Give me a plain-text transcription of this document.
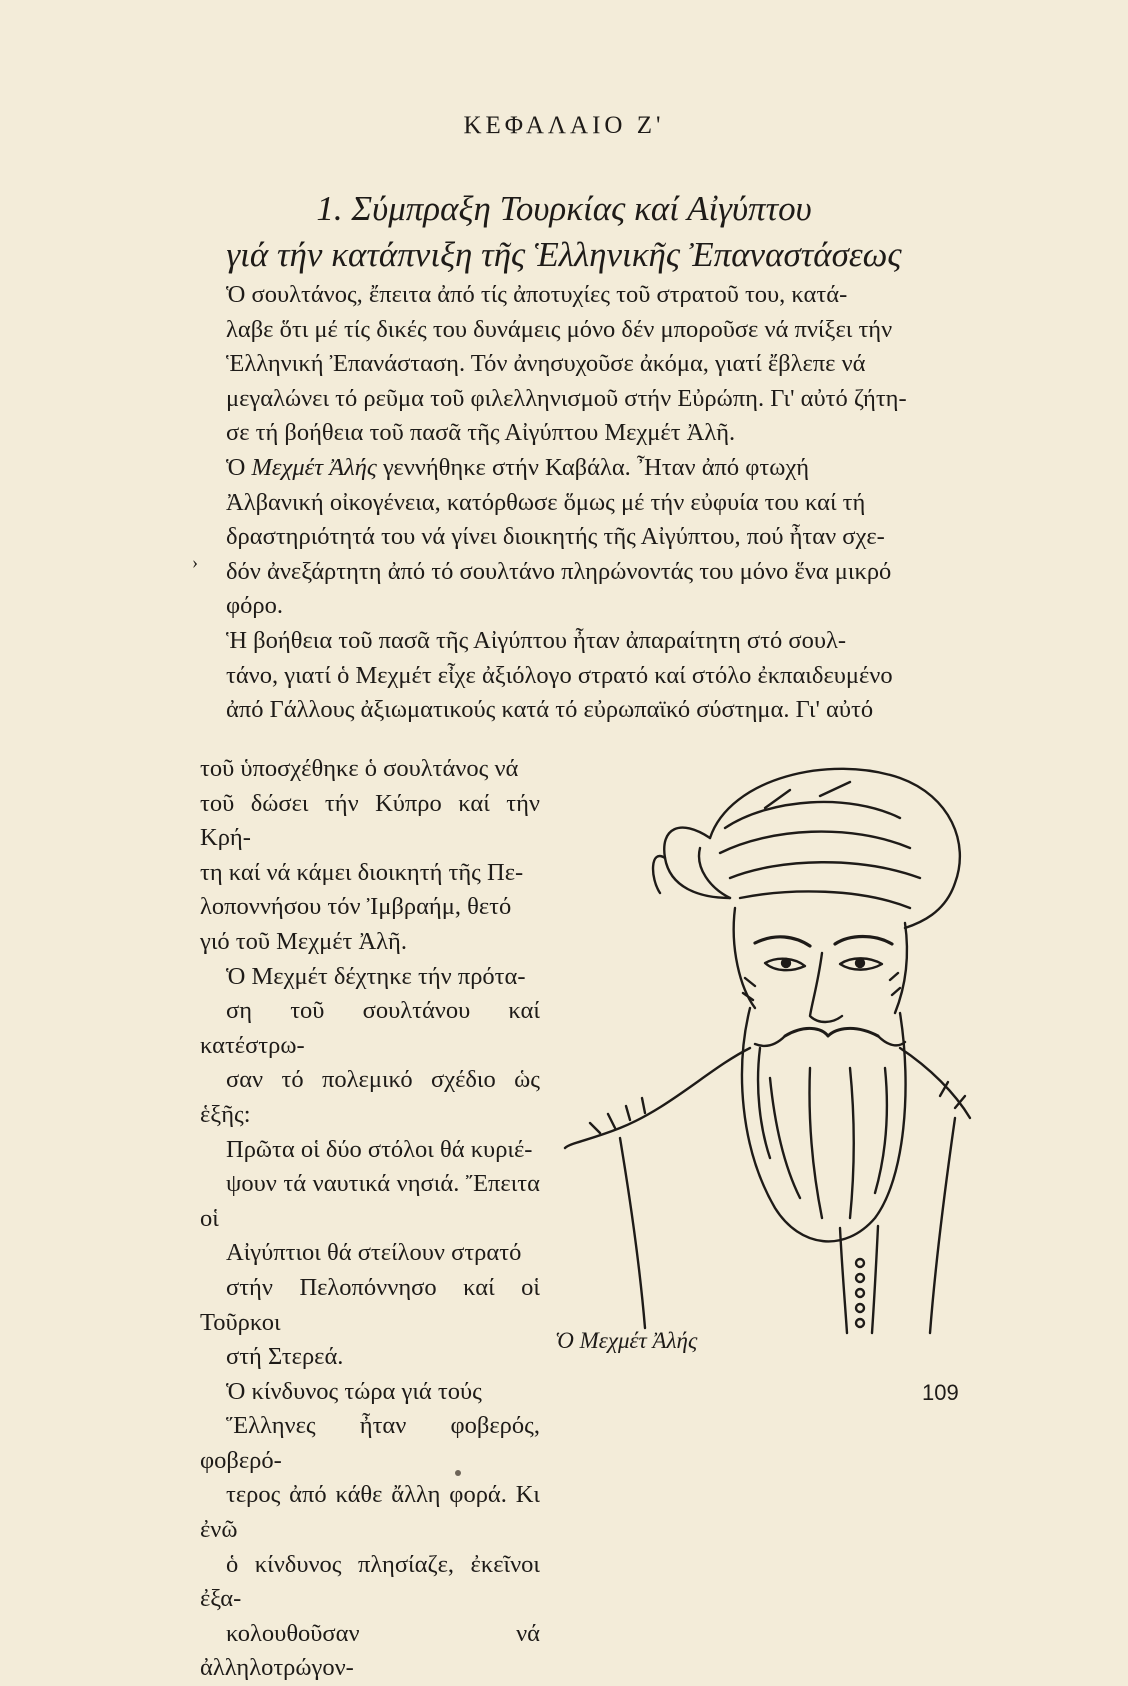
ΚΕΦΑΛΑΙΟ Ζ'
1. Σύμπραξη Τουρκίας καί Αἰγύπτου
γιά τήν κατάπνιξη τῆς Ἑλληνικῆς Ἐπαναστάσεως

Ὁ σουλτάνος, ἔπειτα ἀπό τίς ἀποτυχίες τοῦ στρατοῦ του, κατά-
λαβε ὅτι μέ τίς δικές του δυνάμεις μόνο δέν μποροῦσε νά πνίξει τήν
Ἑλληνική Ἐπανάσταση. Τόν ἀνησυχοῦσε ἀκόμα, γιατί ἔβλεπε νά
μεγαλώνει τό ρεῦμα τοῦ φιλελληνισμοῦ στήν Εὐρώπη. Γι' αὐτό ζήτη-
σε τή βοήθεια τοῦ πασᾶ τῆς Αἰγύπτου Μεχμέτ Ἀλῆ.

Ὁ Μεχμέτ Ἀλής γεννήθηκε στήν Καβάλα. Ἦταν ἀπό φτωχή
Ἀλβανική οἰκογένεια, κατόρθωσε ὅμως μέ τήν εὐφυία του καί τή
δραστηριότητά του νά γίνει διοικητής τῆς Αἰγύπτου, πού ἦταν σχε-
δόν ἀνεξάρτητη ἀπό τό σουλτάνο πληρώνοντάς του μόνο ἕνα μικρό
φόρο.

Ἡ βοήθεια τοῦ πασᾶ τῆς Αἰγύπτου ἦταν ἀπαραίτητη στό σουλ-
τάνο, γιατί ὁ Μεχμέτ εἶχε ἀξιόλογο στρατό καί στόλο ἐκπαιδευμένο
ἀπό Γάλλους ἀξιωματικούς κατά τό εὐρωπαϊκό σύστημα. Γι' αὐτό

τοῦ ὑποσχέθηκε ὁ σουλτάνος νά
τοῦ δώσει τήν Κύπρο καί τήν Κρή-
τη καί νά κάμει διοικητή τῆς Πε-
λοποννήσου τόν Ἰμβραήμ, θετό
γιό τοῦ Μεχμέτ Ἀλῆ.

Ὁ Μεχμέτ δέχτηκε τήν πρότα-
ση τοῦ σουλτάνου καί κατέστρω-
σαν τό πολεμικό σχέδιο ὡς ἑξῆς:
Πρῶτα οἱ δύο στόλοι θά κυριέ-
ψουν τά ναυτικά νησιά. Ἔπειτα οἱ
Αἰγύπτιοι θά στείλουν στρατό
στήν Πελοπόννησο καί οἱ Τοῦρκοι
στή Στερεά.

Ὁ κίνδυνος τώρα γιά τούς
Ἕλληνες ἦταν φοβερός, φοβερό-
τερος ἀπό κάθε ἄλλη φορά. Κι ἐνῶ
ὁ κίνδυνος πλησίαζε, ἐκεῖνοι ἐξα-
κολουθοῦσαν νά ἀλληλοτρώγον-

›
Ὁ Μεχμέτ Ἀλής
109
